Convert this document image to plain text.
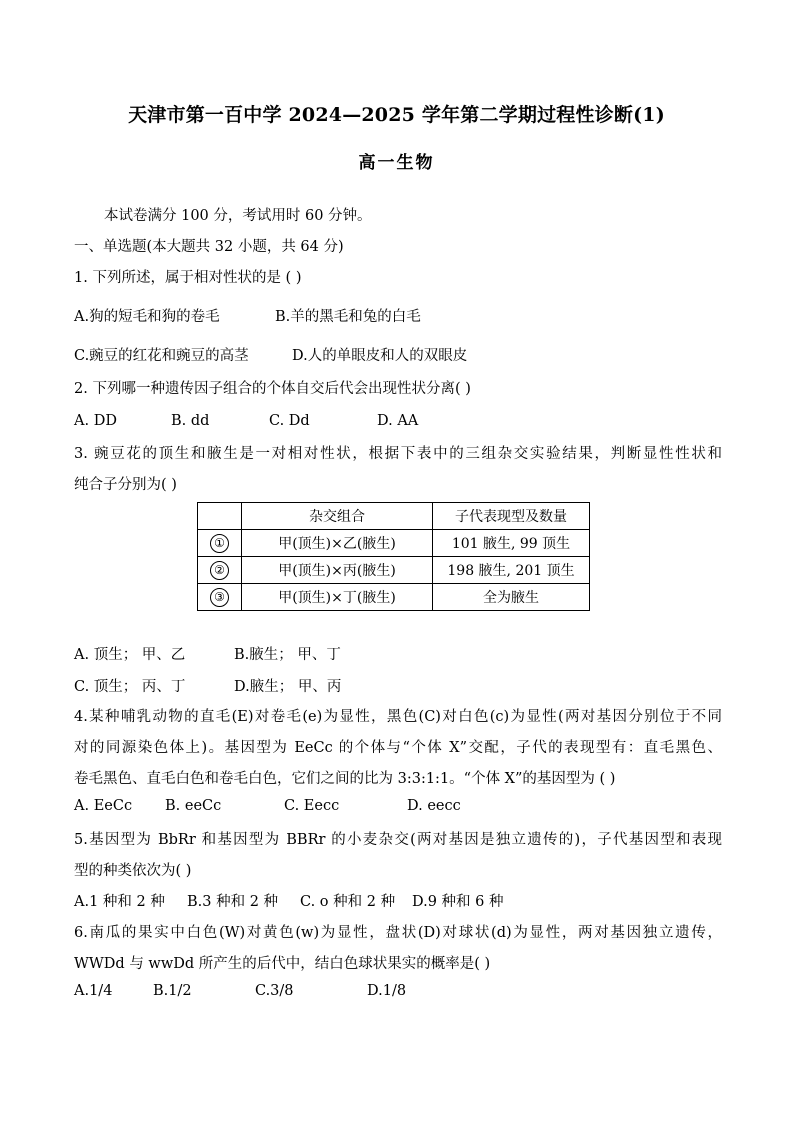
天津市第一百中学 2024—2025 学年第二学期过程性诊断(1)
高一生物
本试卷满分 100 分，考试用时 60 分钟。
一、单选题(本大题共 32 小题，共 64 分)
1. 下列所述，属于相对性状的是 ( )
A.狗的短毛和狗的卷毛	B.羊的黑毛和兔的白毛
C.豌豆的红花和豌豆的高茎	D.人的单眼皮和人的双眼皮
2. 下列哪一种遗传因子组合的个体自交后代会出现性状分离( )
A. DD	B. dd	C. Dd	D. AA
3. 豌豆花的顶生和腋生是一对相对性状，根据下表中的三组杂交实验结果，判断显性性状和
纯合子分别为( )
	杂交组合	子代表现型及数量
①	甲(顶生)×乙(腋生)	101 腋生, 99 顶生
②	甲(顶生)×丙(腋生)	198 腋生, 201 顶生
③	甲(顶生)×丁(腋生)	全为腋生
A. 顶生； 甲、乙	B.腋生； 甲、丁
C. 顶生； 丙、丁	D.腋生； 甲、丙
4.某种哺乳动物的直毛(E)对卷毛(e)为显性，黑色(C)对白色(c)为显性(两对基因分别位于不同
对的同源染色体上)。基因型为 EeCc 的个体与“个体 X”交配，子代的表现型有：直毛黑色、
卷毛黑色、直毛白色和卷毛白色，它们之间的比为 3:3:1:1。“个体 X”的基因型为 ( )
A. EeCc B. eeCc	C. Eecc	D. eecc
5.基因型为 BbRr 和基因型为 BBRr 的小麦杂交(两对基因是独立遗传的)，子代基因型和表现
型的种类依次为( )
A.1 种和 2 种 B.3 种和 2 种 C. o 种和 2 种 D.9 种和 6 种
6.南瓜的果实中白色(W)对黄色(w)为显性，盘状(D)对球状(d)为显性，两对基因独立遗传，
WWDd 与 wwDd 所产生的后代中，结白色球状果实的概率是( )
A.1/4	B.1/2	C.3/8	D.1/8
